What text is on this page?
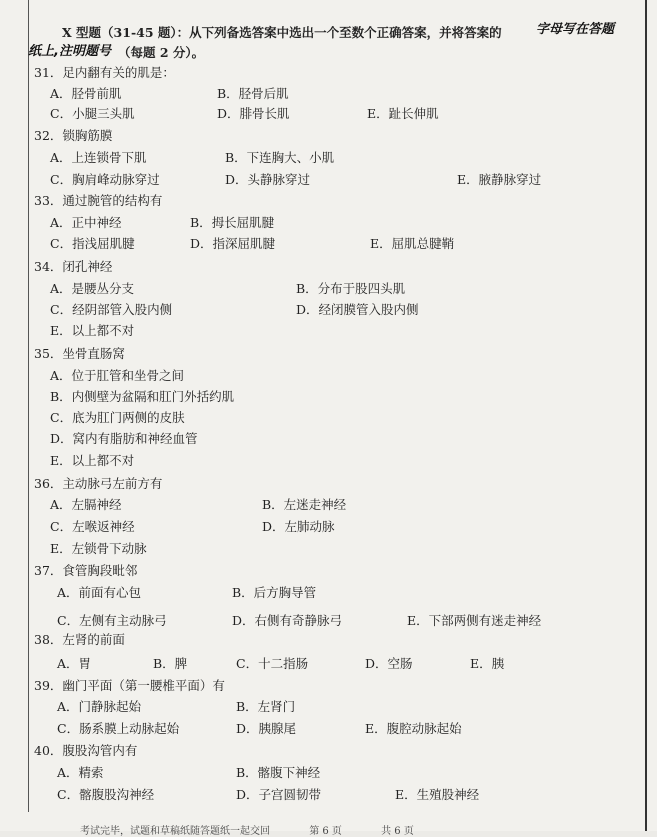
X 型题（31-45 题）：从下列备选答案中选出一个至数个正确答案，并将答案的	字母写在答题
纸上,注明题号 （每题 2 分）。
31．足内翻有关的肌是：
A．胫骨前肌	B．胫骨后肌
C．小腿三头肌	D．腓骨长肌	E．趾长伸肌
32．锁胸筋膜
A．上连锁骨下肌	B．下连胸大、小肌
C．胸肩峰动脉穿过	D．头静脉穿过	E．腋静脉穿过
33．通过腕管的结构有
A．正中神经	B．拇长屈肌腱
C．指浅屈肌腱	D．指深屈肌腱	E．屈肌总腱鞘
34．闭孔神经
A．是腰丛分支	B．分布于股四头肌
C．经阴部管入股内侧	D．经闭膜管入股内侧
E．以上都不对
35．坐骨直肠窝
A．位于肛管和坐骨之间
B．内侧壁为盆隔和肛门外括约肌
C．底为肛门两侧的皮肤
D．窝内有脂肪和神经血管
E．以上都不对
36．主动脉弓左前方有
A．左膈神经	B．左迷走神经
C．左喉返神经	D．左肺动脉
E．左锁骨下动脉
37．食管胸段毗邻
A．前面有心包	B．后方胸导管
C．左侧有主动脉弓	D．右侧有奇静脉弓	E．下部两侧有迷走神经
38．左肾的前面
A．胃	B．脾	C．十二指肠	D．空肠	E．胰
39．幽门平面（第一腰椎平面）有
A．门静脉起始	B．左肾门
C．肠系膜上动脉起始	D．胰腺尾	E．腹腔动脉起始
40．腹股沟管内有
A．精索	B．髂腹下神经
C．髂腹股沟神经	D．子宫圆韧带	E．生殖股神经
考试完毕，试题和草稿纸随答题纸一起交回	第 6 页	共 6 页
